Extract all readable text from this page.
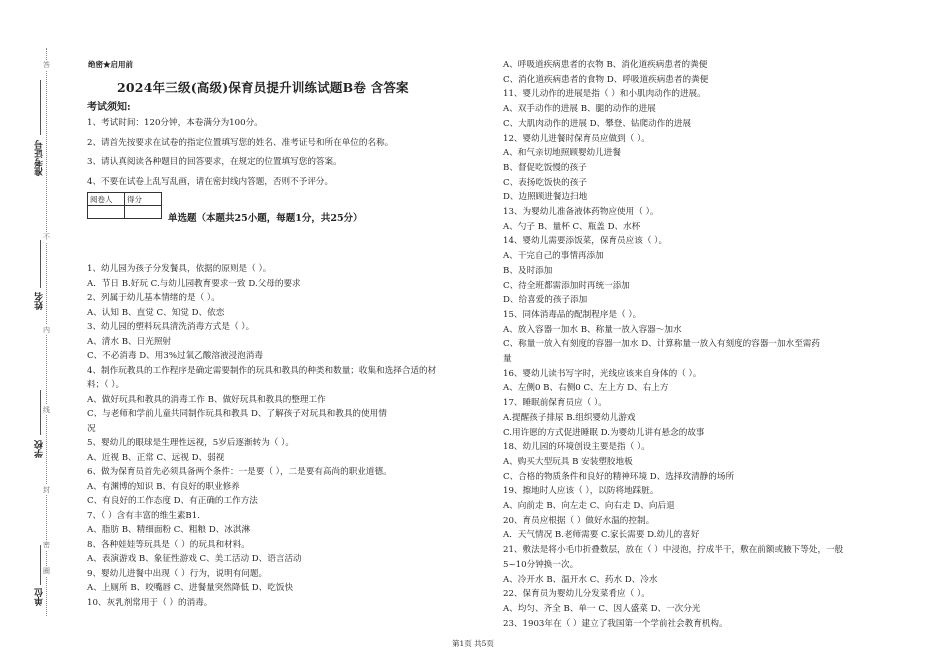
答
不
内
线
封
密
圈
准考证号
姓名
学校
单位
绝密★启用前
2024年三级(高级)保育员提升训练试题B卷 含答案
考试须知:
1、考试时间：120分钟，本卷满分为100分。
2、请首先按要求在试卷的指定位置填写您的姓名、准考证号和所在单位的名称。
3、请认真阅读各种题目的回答要求，在规定的位置填写您的答案。
4、不要在试卷上乱写乱画，请在密封线内答题，否则不予评分。
阅卷人	得分

单选题（本题共25小题，每题1分，共25分）
1、幼儿园为孩子分发餐具，依据的原则是（ ）。
A．节日 B.好玩 C.与幼儿园教育要求一致 D.父母的要求
2、列属于幼儿基本情绪的是（ ）。
A、认知 B、直觉 C、知觉 D、依恋
3、幼儿园的塑料玩具清洗消毒方式是（ ）。
A、清水 B、日光照射
C、不必消毒 D、用3%过氧乙酸溶液浸泡消毒
4、制作玩教具的工作程序是确定需要制作的玩具和教具的种类和数量；收集和选择合适的材
料；（ ）。
A、做好玩具和教具的消毒工作 B、做好玩具和教具的整理工作
C、与老师和学前儿童共同制作玩具和教具 D、了解孩子对玩具和教具的使用情
况
5、婴幼儿的眼球是生理性远视，5岁后逐渐转为（ ）。
A、近视 B、正常 C、远视 D、弱视
6、做为保育员首先必须具备两个条件：一是要（ ），二是要有高尚的职业道德。
A、有渊博的知识 B、有良好的职业修养
C、有良好的工作态度 D、有正确的工作方法
7、（ ）含有丰富的维生素B1.
A、脂肪 B、精细面粉 C、粗粮 D、冰淇淋
8、各种娃娃等玩具是（ ）的玩具和材料。
A、表演游戏 B、象征性游戏 C、美工活动 D、语言活动
9、婴幼儿进餐中出现（ ）行为，说明有问题。
A、上厕所 B、咬嘴唇 C、进餐量突然降低 D、吃饭快
10、灰乳剂常用于（ ）的消毒。
A、呼吸道疾病患者的衣物 B、消化道疾病患者的粪便
C、消化道疾病患者的食物 D、呼吸道疾病患者的粪便
11、婴儿动作的进展是指（ ）和小肌肉动作的进展。
A、双手动作的进展 B、腿的动作的进展
C、大肌肉动作的进展 D、攀登、钻爬动作的进展
12、婴幼儿进餐时保育员应做到（ ）。
A、和气亲切地照顾婴幼儿进餐
B、督促吃饭慢的孩子
C、表扬吃饭快的孩子
D、边照顾进餐边扫地
13、为婴幼儿准备液体药物应使用（ ）。
A、勺子 B、量杯 C、瓶盖 D、水杯
14、婴幼儿需要添饭菜，保育员应该（ ）。
A、干完自己的事情再添加
B、及时添加
C、待全班都需添加时再统一添加
D、给喜爱的孩子添加
15、同体消毒品的配制程序是（ ）。
A、放入容器一加水 B、称量一放入容器～加水
C、称量一放入有刻度的容器一加水 D、计算称量一放入有刻度的容器一加水至需药
量
16、婴幼儿读书写字时，光线应该来自身体的（ ）。
A、左侧0 B、右侧0 C、左上方 D、右上方
17、睡眠前保育员应（ ）。
A.提醒孩子排尿 B.组织婴幼儿游戏
C.用许愿的方式促进睡眠 D.为婴幼儿讲有悬念的故事
18、幼儿园的环境创设主要是指（ ）。
A、购买大型玩具 B 安装塑胶地板
C、合格的物质条件和良好的精神环境 D、选择玫清静的场所
19、擦地时人应该（ ），以防将地踩脏。
A、向前走 B、向左走 C、向右走 D、向后退
20、育员应根据（ ）做好水温的控制。
A．天气情况 B.老师需要 C.家长需要 D.幼儿的喜好
21、敷法是将小毛巾折叠数层，放在（ ）中浸泡，拧成半干，敷在前额或腋下等处，一般
5~10分钟换一次。
A、冷开水 B、温开水 C、药水 D、冷水
22、保育员为婴幼儿分发菜肴应（ ）。
A、均匀、齐全 B、单一 C、因人盛菜 D、一次分光
23、1903年在（ ）建立了我国第一个学前社会教育机构。
第1页 共5页
